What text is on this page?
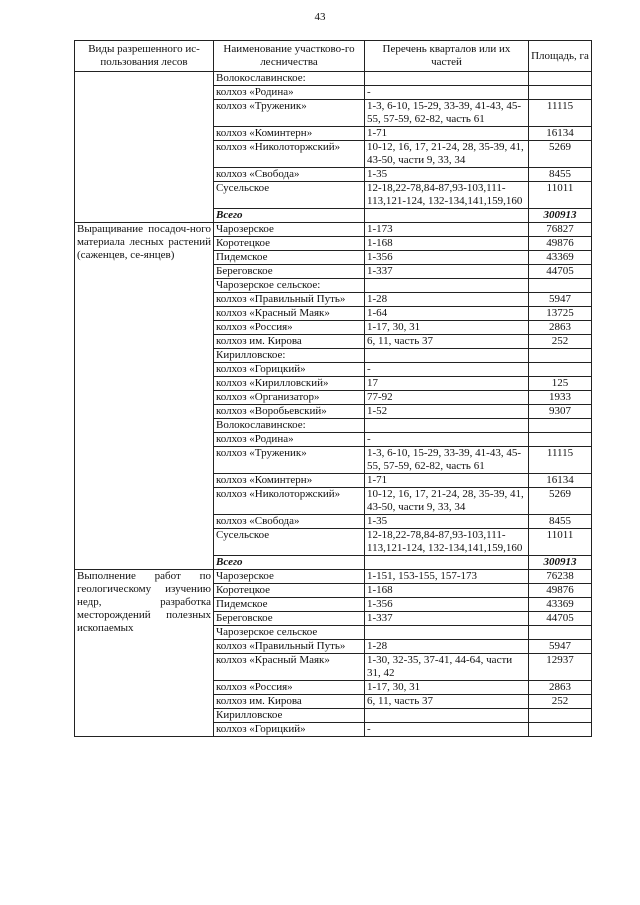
43
Виды разрешенного ис-пользования лесов	Наименование участково-го лесничества	Перечень кварталов или их частей	Площадь, га
	Волокославинское:		
	колхоз «Родина»	-	
	колхоз «Труженик»	1-3, 6-10, 15-29, 33-39, 41-43, 45-55, 57-59, 62-82, часть 61	11115
	колхоз «Коминтерн»	1-71	16134
	колхоз «Николоторжский»	10-12, 16, 17, 21-24, 28, 35-39, 41, 43-50, части 9, 33, 34	5269
	колхоз «Свобода»	1-35	8455
	Сусельское	12-18,22-78,84-87,93-103,111-113,121-124, 132-134,141,159,160	11011
	Всего		300913

Выращивание посадоч-ного материала лесных растений (саженцев, се-янцев)	Чарозерское	1-173	76827
	Коротецкое	1-168	49876
	Пидемское	1-356	43369
	Береговское	1-337	44705
	Чарозерское сельское:		
	колхоз «Правильный Путь»	1-28	5947
	колхоз «Красный Маяк»	1-64	13725
	колхоз «Россия»	1-17, 30, 31	2863
	колхоз им. Кирова	6, 11, часть 37	252
	Кирилловское:		
	колхоз «Горицкий»	-	
	колхоз «Кирилловский»	17	125
	колхоз «Организатор»	77-92	1933
	колхоз «Воробьевский»	1-52	9307
	Волокославинское:		
	колхоз «Родина»	-	
	колхоз «Труженик»	1-3, 6-10, 15-29, 33-39, 41-43, 45-55, 57-59, 62-82, часть 61	11115
	колхоз «Коминтерн»	1-71	16134
	колхоз «Николоторжский»	10-12, 16, 17, 21-24, 28, 35-39, 41, 43-50, части 9, 33, 34	5269
	колхоз «Свобода»	1-35	8455
	Сусельское	12-18,22-78,84-87,93-103,111-113,121-124, 132-134,141,159,160	11011
	Всего		300913

Выполнение работ по геологическому изучению недр, разработка месторождений полезных ископаемых	Чарозерское	1-151, 153-155, 157-173	76238
	Коротецкое	1-168	49876
	Пидемское	1-356	43369
	Береговское	1-337	44705
	Чарозерское сельское		
	колхоз «Правильный Путь»	1-28	5947
	колхоз «Красный Маяк»	1-30, 32-35, 37-41, 44-64, части 31, 42	12937
	колхоз «Россия»	1-17, 30, 31	2863
	колхоз им. Кирова	6, 11, часть 37	252
	Кирилловское		
	колхоз «Горицкий»	-	
